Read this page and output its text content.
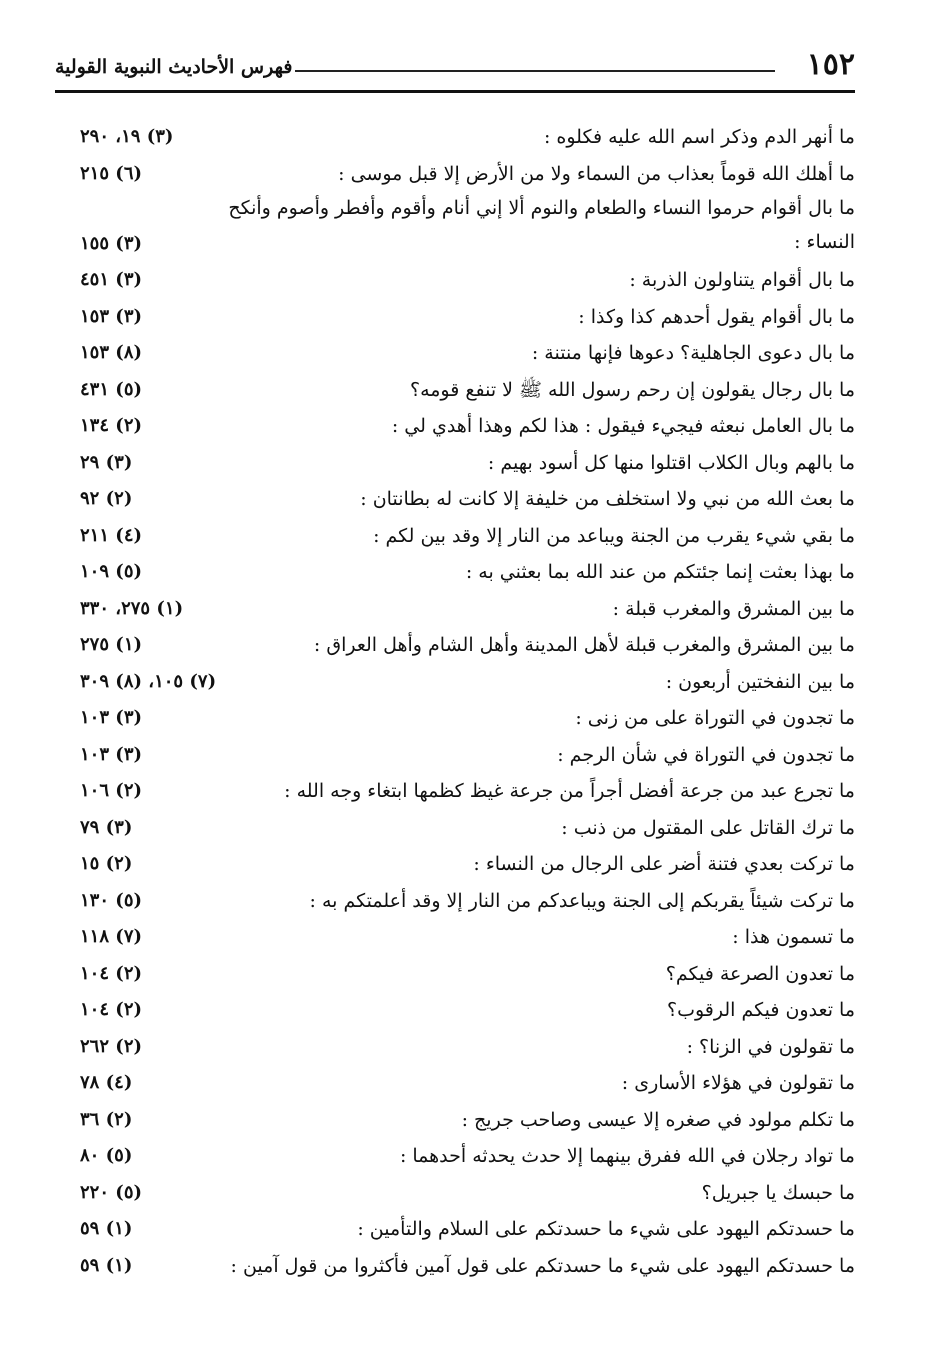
١٥٢
فهرس الأحاديث النبوية القولية
ما أنهر الدم وذكر اسم الله عليه فكلوه :
(٣) ١٩، ٢٩٠
ما أهلك الله قوماً بعذاب من السماء ولا من الأرض إلا قبل موسى :
(٦) ٢١٥
ما بال أقوام حرموا النساء والطعام والنوم ألا إني أنام وأقوم وأفطر وأصوم وأنكح النساء :
(٣) ١٥٥
ما بال أقوام يتناولون الذربة :
(٣) ٤٥١
ما بال أقوام يقول أحدهم كذا وكذا :
(٣) ١٥٣
ما بال دعوى الجاهلية؟ دعوها فإنها منتنة :
(٨) ١٥٣
ما بال رجال يقولون إن رحم رسول الله ﷺ لا تنفع قومه؟
(٥) ٤٣١
ما بال العامل نبعثه فيجيء فيقول : هذا لكم وهذا أهدي لي :
(٢) ١٣٤
ما بالهم وبال الكلاب اقتلوا منها كل أسود بهيم :
(٣) ٢٩
ما بعث الله من نبي ولا استخلف من خليفة إلا كانت له بطانتان :
(٢) ٩٢
ما بقي شيء يقرب من الجنة ويباعد من النار إلا وقد بين لكم :
(٤) ٢١١
ما بهذا بعثت إنما جئتكم من عند الله بما بعثني به :
(٥) ١٠٩
ما بين المشرق والمغرب قبلة :
(١) ٢٧٥، ٣٣٠
ما بين المشرق والمغرب قبلة لأهل المدينة وأهل الشام وأهل العراق :
(١) ٢٧٥
ما بين النفختين أربعون :
(٧) ١٠٥، (٨) ٣٠٩
ما تجدون في التوراة على من زنى :
(٣) ١٠٣
ما تجدون في التوراة في شأن الرجم :
(٣) ١٠٣
ما تجرع عبد من جرعة أفضل أجراً من جرعة غيظ كظمها ابتغاء وجه الله :
(٢) ١٠٦
ما ترك القاتل على المقتول من ذنب :
(٣) ٧٩
ما تركت بعدي فتنة أضر على الرجال من النساء :
(٢) ١٥
ما تركت شيئاً يقربكم إلى الجنة ويباعدكم من النار إلا وقد أعلمتكم به :
(٥) ١٣٠
ما تسمون هذا :
(٧) ١١٨
ما تعدون الصرعة فيكم؟
(٢) ١٠٤
ما تعدون فيكم الرقوب؟
(٢) ١٠٤
ما تقولون في الزنا؟ :
(٢) ٢٦٢
ما تقولون في هؤلاء الأسارى :
(٤) ٧٨
ما تكلم مولود في صغره إلا عيسى وصاحب جريج :
(٢) ٣٦
ما تواد رجلان في الله ففرق بينهما إلا حدث يحدثه أحدهما :
(٥) ٨٠
ما حبسك يا جبريل؟
(٥) ٢٢٠
ما حسدتكم اليهود على شيء ما حسدتكم على السلام والتأمين :
(١) ٥٩
ما حسدتكم اليهود على شيء ما حسدتكم على قول آمين فأكثروا من قول آمين :
(١) ٥٩
